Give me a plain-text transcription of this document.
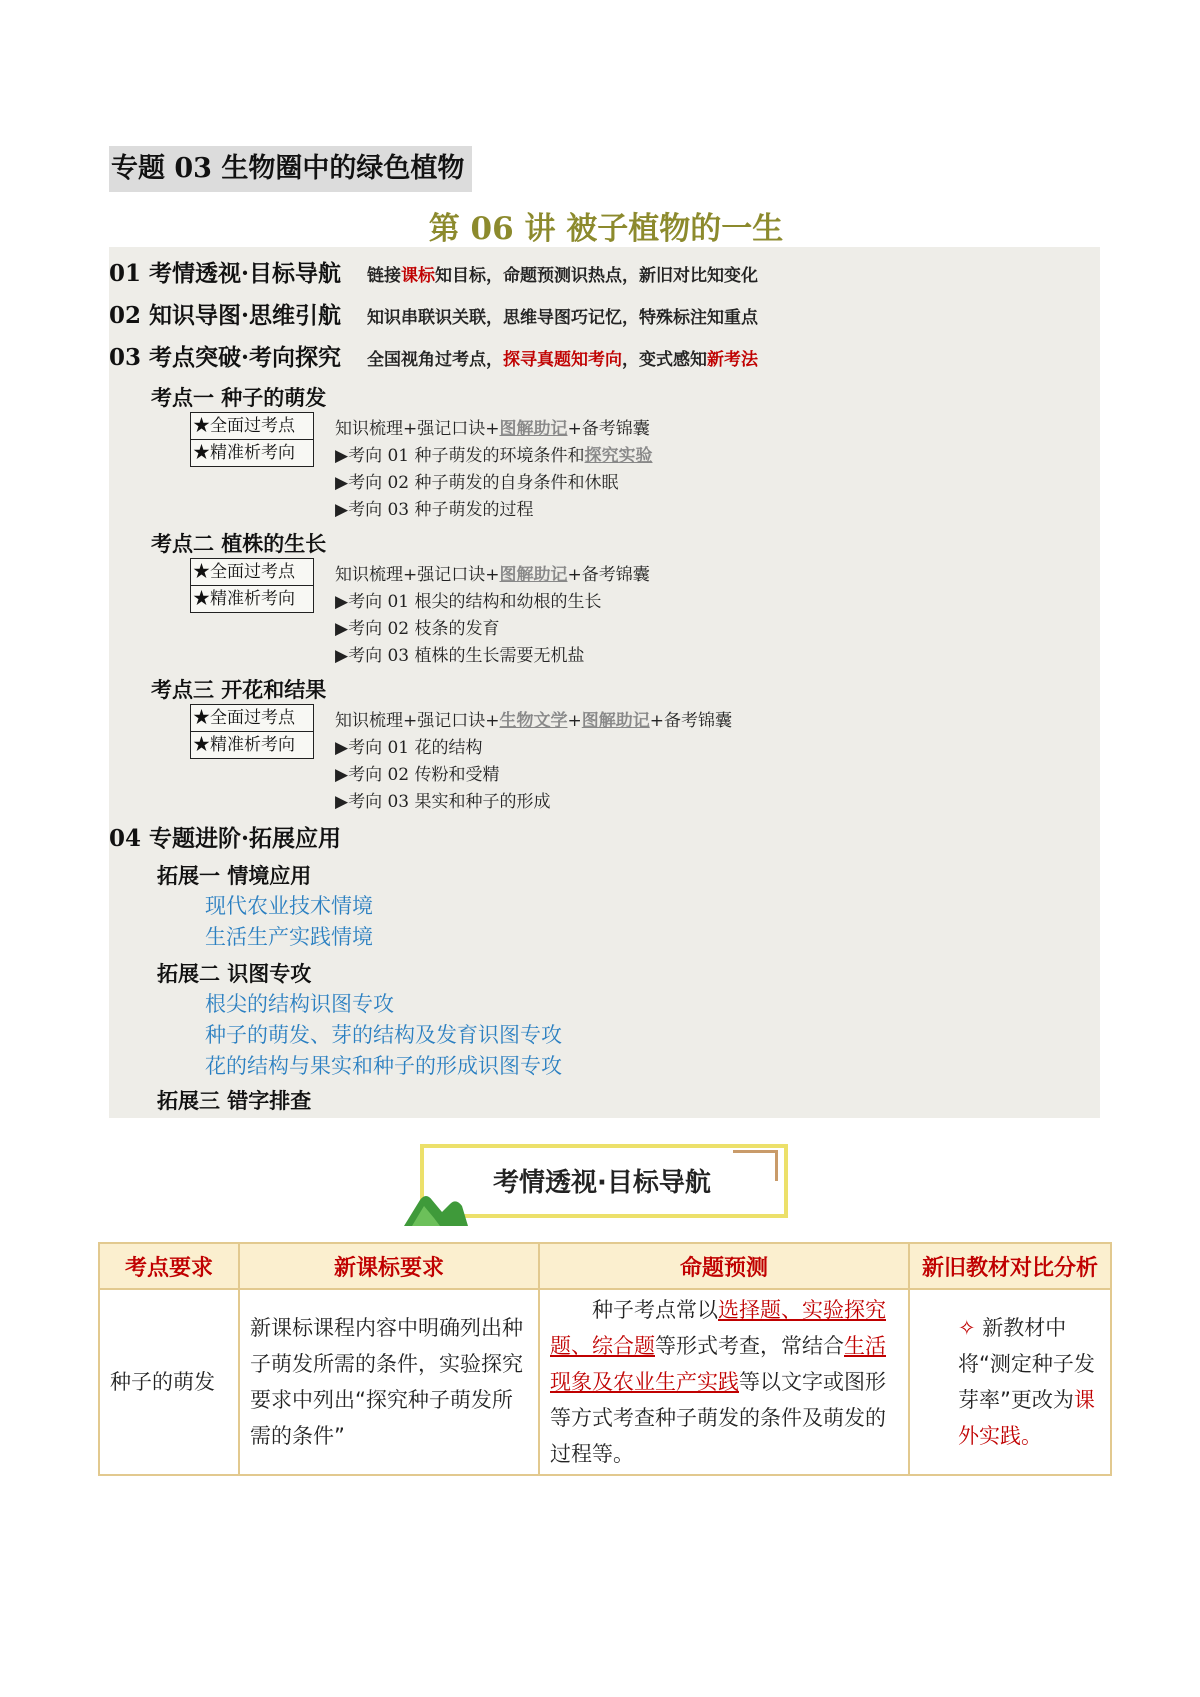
专题 03 生物圈中的绿色植物
第 06 讲 被子植物的一生
01 考情透视·目标导航 链接课标知目标，命题预测识热点，新旧对比知变化
02 知识导图·思维引航 知识串联识关联，思维导图巧记忆，特殊标注知重点
03 考点突破·考向探究 全国视角过考点，探寻真题知考向，变式感知新考法
考点一 种子的萌发
★全面过考点
★精准析考向
知识梳理+强记口诀+图解助记+备考锦囊
▶考向 01 种子萌发的环境条件和探究实验
▶考向 02 种子萌发的自身条件和休眠
▶考向 03 种子萌发的过程
考点二 植株的生长
★全面过考点
★精准析考向
知识梳理+强记口诀+图解助记+备考锦囊
▶考向 01 根尖的结构和幼根的生长
▶考向 02 枝条的发育
▶考向 03 植株的生长需要无机盐
考点三 开花和结果
★全面过考点
★精准析考向
知识梳理+强记口诀+生物文学+图解助记+备考锦囊
▶考向 01 花的结构
▶考向 02 传粉和受精
▶考向 03 果实和种子的形成
04 专题进阶·拓展应用
拓展一 情境应用
现代农业技术情境
生活生产实践情境
拓展二 识图专攻
根尖的结构识图专攻
种子的萌发、芽的结构及发育识图专攻
花的结构与果实和种子的形成识图专攻
拓展三 错字排查
考情透视·目标导航
考点要求	新课标要求	命题预测	新旧教材对比分析
种子的萌发	新课标课程内容中明确列出种子萌发所需的条件，实验探究要求中列出“探究种子萌发所需的条件”	种子考点常以选择题、实验探究题、综合题等形式考查，常结合生活现象及农业生产实践等以文字或图形等方式考查种子萌发的条件及萌发的过程等。	✧ 新教材中将“测定种子发芽率”更改为课外实践。
